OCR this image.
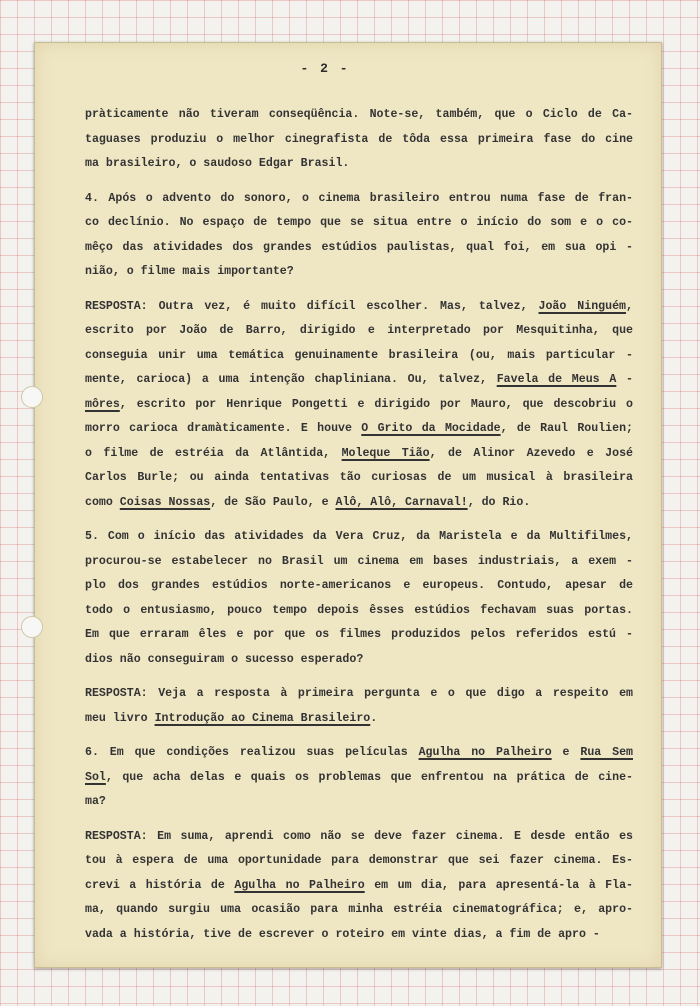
- 2 -
pràticamente não tiveram conseqüência. Note-se, também, que o Ciclo de Ca-
taguases produziu o melhor cinegrafista de tôda essa primeira fase do cine
ma brasileiro, o saudoso Edgar Brasil.
4. Após o advento do sonoro, o cinema brasileiro entrou numa fase de fran-
co declínio. No espaço de tempo que se situa entre o início do som e o co-
mêço das atividades dos grandes estúdios paulistas, qual foi, em sua opi -
nião, o filme mais importante?
RESPOSTA: Outra vez, é muito difícil escolher. Mas, talvez, João Ninguém,
escrito por João de Barro, dirigido e interpretado por Mesquitinha, que
conseguia unir uma temática genuinamente brasileira (ou, mais particular -
mente, carioca) a uma intenção chapliniana. Ou, talvez, Favela de Meus A -
môres, escrito por Henrique Pongetti e dirigido por Mauro, que descobriu o
morro carioca dramàticamente. E houve O Grito da Mocidade, de Raul Roulien;
o filme de estréia da Atlântida, Moleque Tião, de Alinor Azevedo e José
Carlos Burle; ou ainda tentativas tão curiosas de um musical à brasileira
como Coisas Nossas, de São Paulo, e Alô, Alô, Carnaval!, do Rio.
5. Com o início das atividades da Vera Cruz, da Maristela e da Multifilmes,
procurou-se estabelecer no Brasil um cinema em bases industriais, a exem -
plo dos grandes estúdios norte-americanos e europeus. Contudo, apesar de
todo o entusiasmo, pouco tempo depois êsses estúdios fechavam suas portas.
Em que erraram êles e por que os filmes produzidos pelos referidos estú -
dios não conseguiram o sucesso esperado?
RESPOSTA: Veja a resposta à primeira pergunta e o que digo a respeito em
meu livro Introdução ao Cinema Brasileiro.
6. Em que condições realizou suas películas Agulha no Palheiro e Rua Sem
Sol, que acha delas e quais os problemas que enfrentou na prática de cine-
ma?
RESPOSTA: Em suma, aprendi como não se deve fazer cinema. E desde então es
tou à espera de uma oportunidade para demonstrar que sei fazer cinema. Es-
crevi a história de Agulha no Palheiro em um dia, para apresentá-la à Fla-
ma, quando surgiu uma ocasião para minha estréia cinematográfica; e, apro-
vada a história, tive de escrever o roteiro em vinte dias, a fim de apro -
